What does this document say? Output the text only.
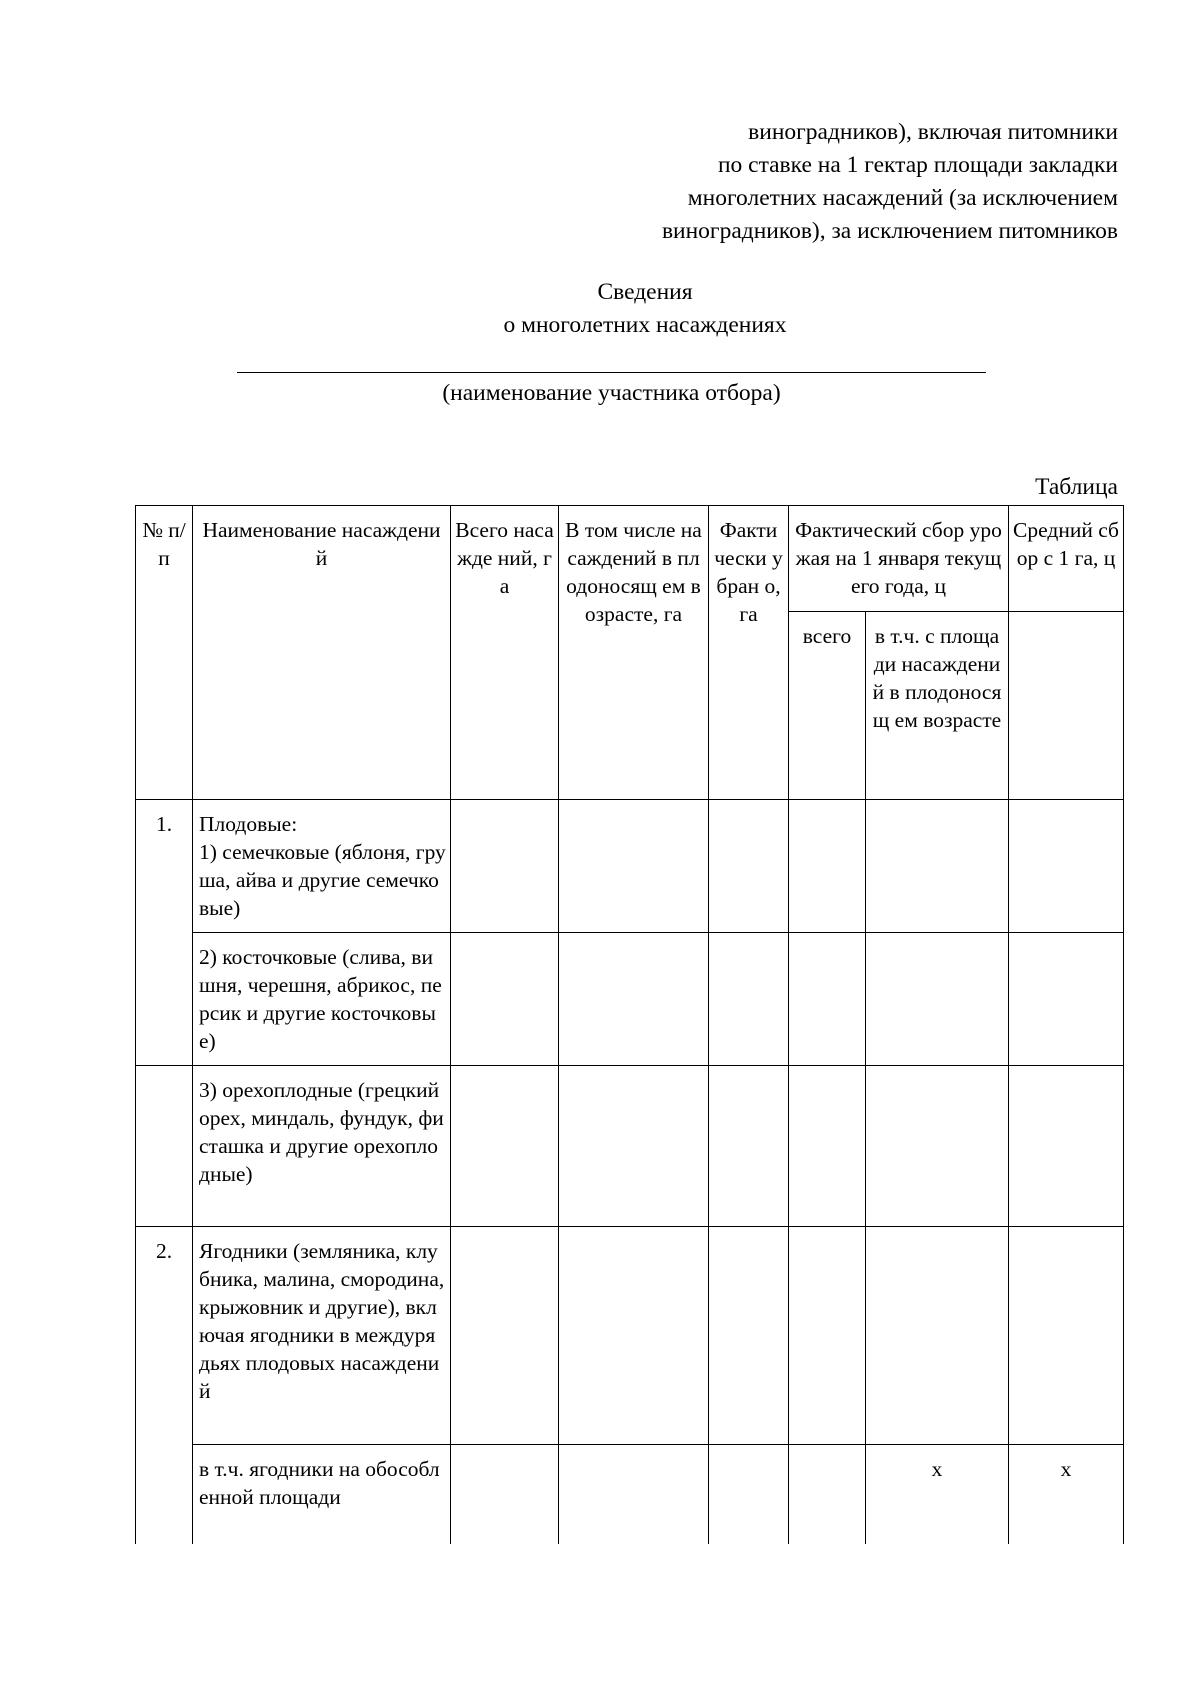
виноградников), включая питомники
по ставке на 1 гектар площади закладки
многолетних насаждений (за исключением
виноградников), за исключением питомников
Сведения
о многолетних насаждениях
(наименование участника отбора)
Таблица
№ п/п	Наименование насаждений	Всего насажде ний, га	В том числе насаждений в плодоносящ ем возрасте, га	Факти чески убран о, га	Фактический сбор урожая на 1 января текущего года, ц		Средний сбор с 1 га, ц
					всего	в т.ч. с площади насаждений в плодоносящ ем возрасте	
1.	Плодовые:
1) семечковые (яблоня, груша, айва и другие семечковые)						
	2) косточковые (слива, вишня, черешня, абрикос, персик и другие косточковые)						
	3) орехоплодные (грецкий орех, миндаль, фундук, фисташка и другие орехоплодные)						
2.	Ягодники (земляника, клубника, малина, смородина, крыжовник и другие), включая ягодники в междурядьях плодовых насаждений						
	в т.ч. ягодники на обособленной площади					х	х
